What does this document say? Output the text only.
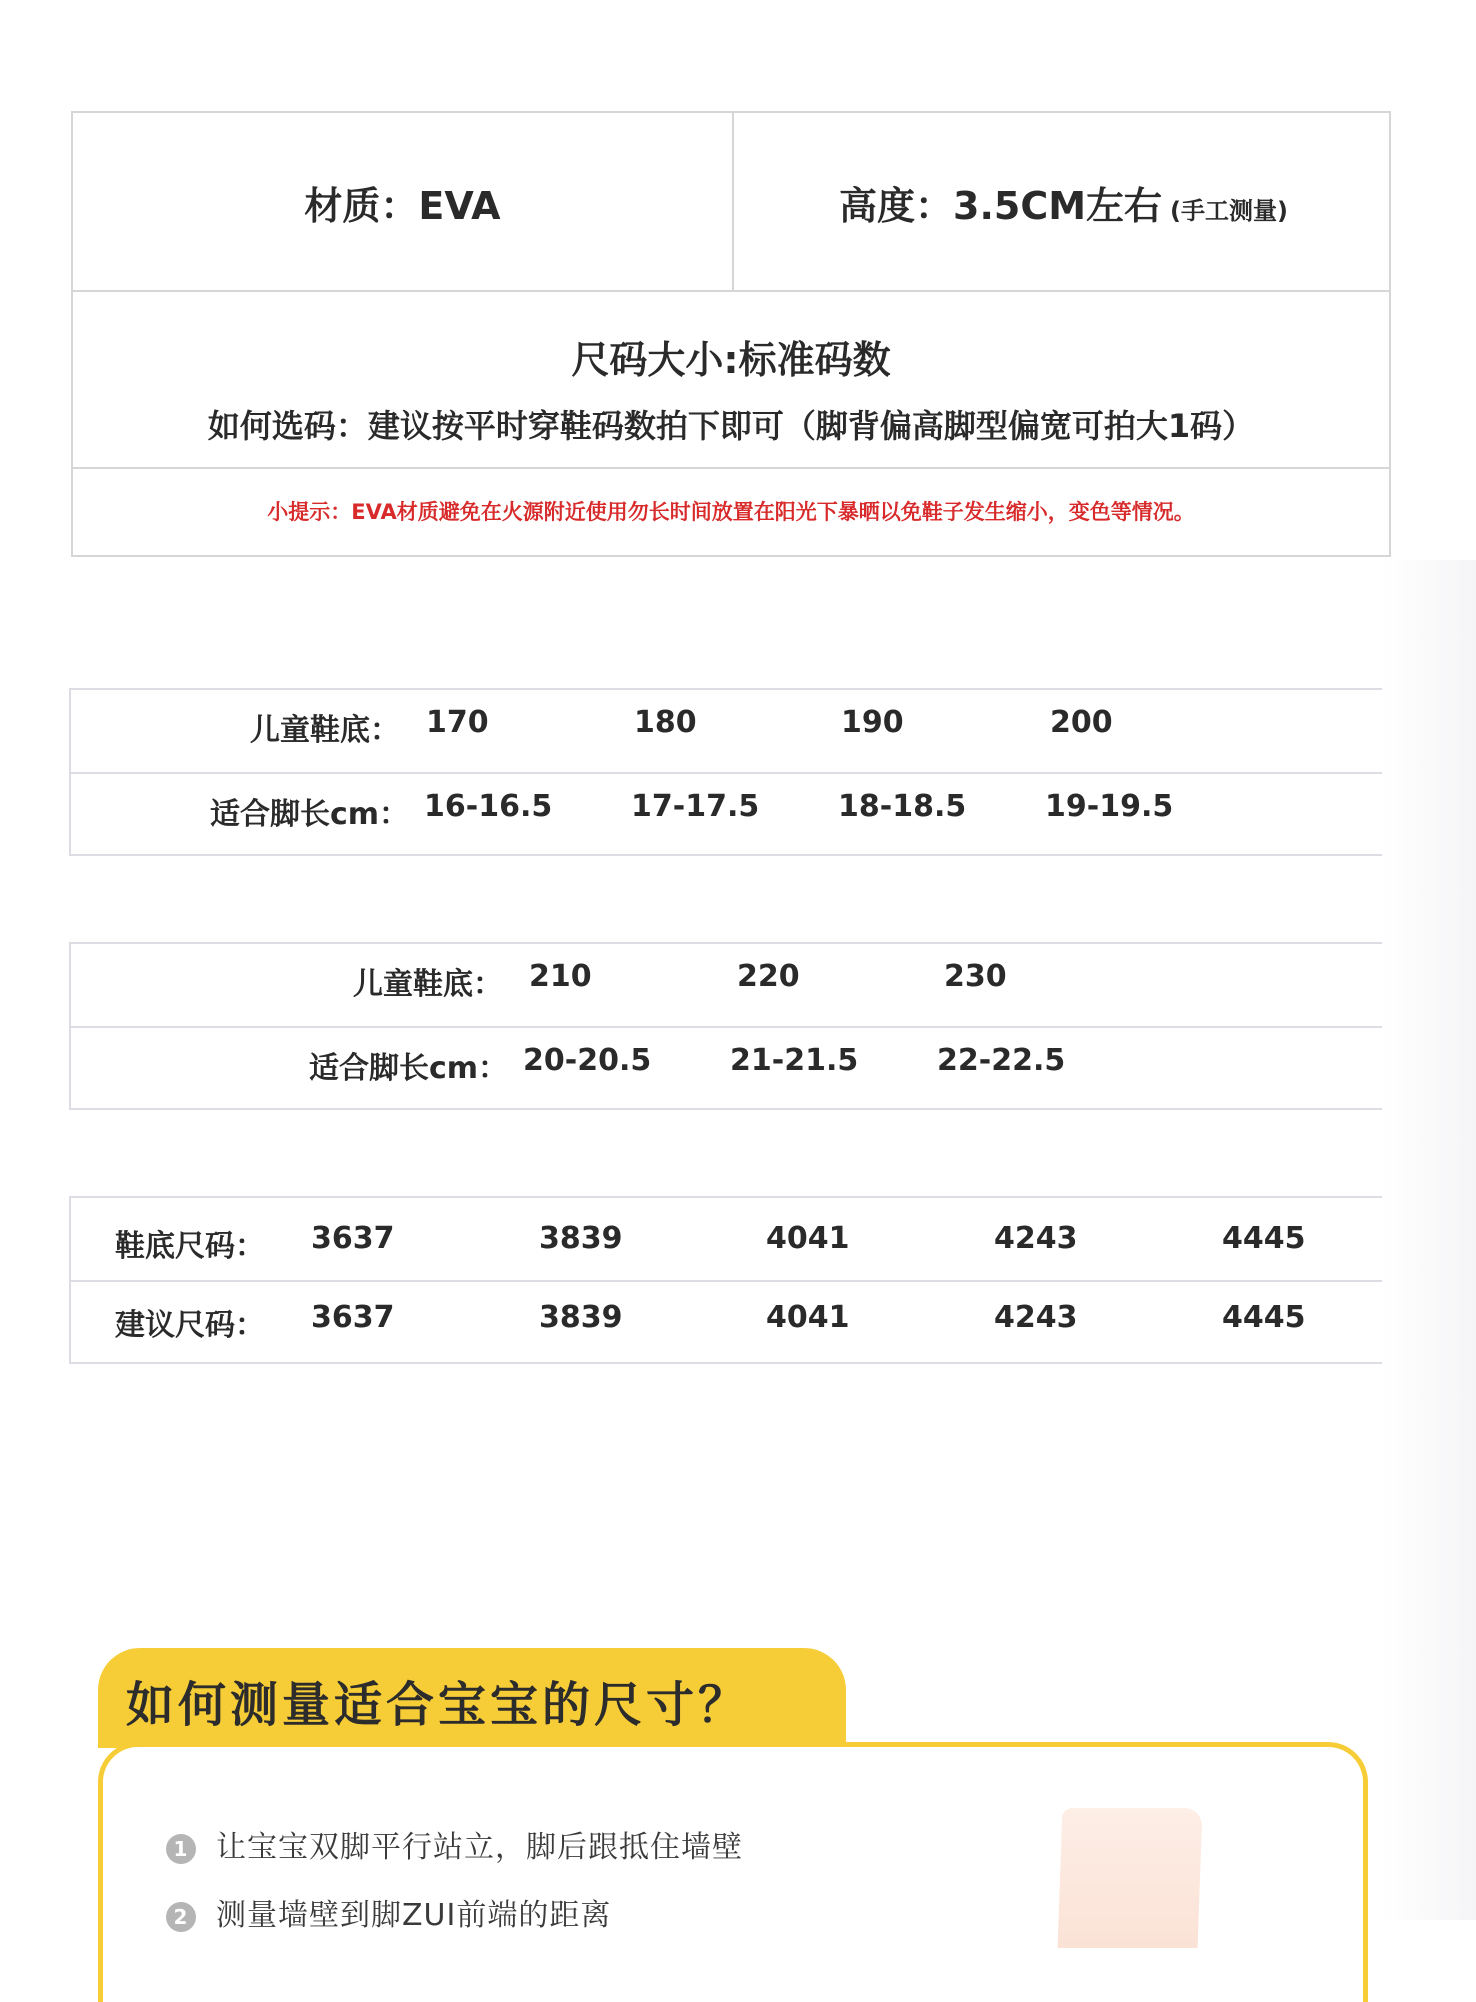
材质：EVA	高度：3.5CM左右 (手工测量)
尺码大小:标准码数
如何选码：建议按平时穿鞋码数拍下即可（脚背偏高脚型偏宽可拍大1码）
小提示：EVA材质避免在火源附近使用勿长时间放置在阳光下暴晒以免鞋子发生缩小，变色等情况。
儿童鞋底： 170	180	190	200
适合脚长cm： 16-16.5	17-17.5	18-18.5	19-19.5
儿童鞋底： 210	220	230
适合脚长cm： 20-20.5	21-21.5	22-22.5
鞋底尺码： 3637	3839	4041	4243	4445
建议尺码： 3637	3839	4041	4243	4445
如何测量适合宝宝的尺寸？
1 让宝宝双脚平行站立，脚后跟抵住墙壁
2 测量墙壁到脚ZUI前端的距离
